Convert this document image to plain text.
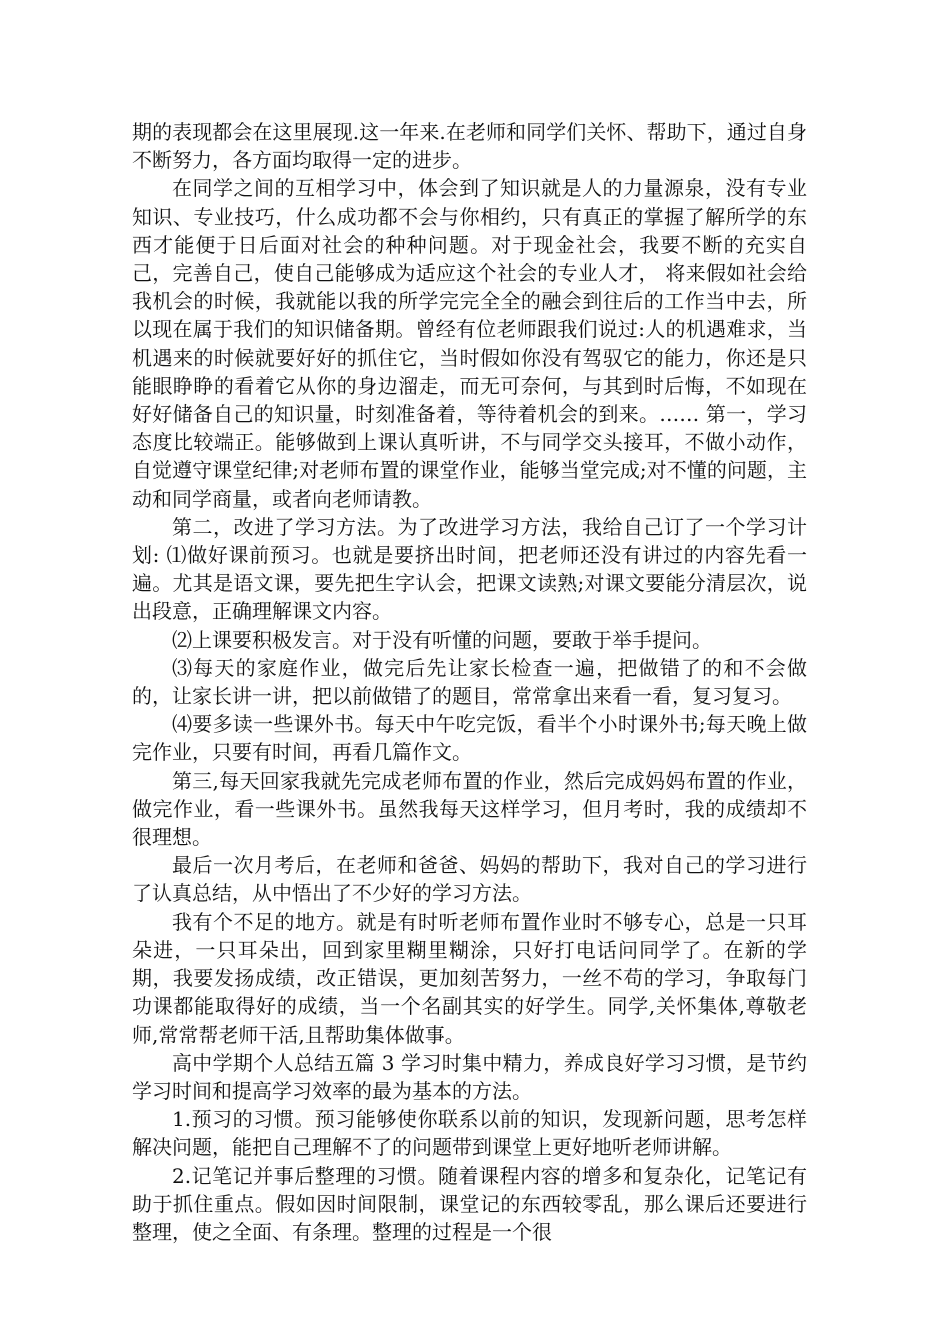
期的表现都会在这里展现.这一年来.在老师和同学们关怀、帮助下，通过自身不断努力，各方面均取得一定的进步。

在同学之间的互相学习中，体会到了知识就是人的力量源泉，没有专业知识、专业技巧，什么成功都不会与你相约，只有真正的掌握了解所学的东西才能便于日后面对社会的种种问题。对于现金社会，我要不断的充实自己，完善自己，使自己能够成为适应这个社会的专业人才， 将来假如社会给我机会的时候，我就能以我的所学完完全全的融会到往后的工作当中去，所以现在属于我们的知识储备期。曾经有位老师跟我们说过:人的机遇难求，当机遇来的时候就要好好的抓住它，当时假如你没有驾驭它的能力，你还是只能眼睁睁的看着它从你的身边溜走，而无可奈何，与其到时后悔，不如现在好好储备自己的知识量，时刻准备着，等待着机会的到来。…… 第一，学习态度比较端正。能够做到上课认真听讲，不与同学交头接耳，不做小动作，自觉遵守课堂纪律;对老师布置的课堂作业，能够当堂完成;对不懂的问题，主动和同学商量，或者向老师请教。

第二，改进了学习方法。为了改进学习方法，我给自己订了一个学习计划: ⑴做好课前预习。也就是要挤出时间，把老师还没有讲过的内容先看一遍。尤其是语文课，要先把生字认会，把课文读熟;对课文要能分清层次，说出段意，正确理解课文内容。

⑵上课要积极发言。对于没有听懂的问题，要敢于举手提问。

⑶每天的家庭作业，做完后先让家长检查一遍，把做错了的和不会做的，让家长讲一讲，把以前做错了的题目，常常拿出来看一看，复习复习。

⑷要多读一些课外书。每天中午吃完饭，看半个小时课外书;每天晚上做完作业，只要有时间，再看几篇作文。

第三,每天回家我就先完成老师布置的作业，然后完成妈妈布置的作业，做完作业，看一些课外书。虽然我每天这样学习，但月考时，我的成绩却不很理想。

最后一次月考后，在老师和爸爸、妈妈的帮助下，我对自己的学习进行了认真总结，从中悟出了不少好的学习方法。

我有个不足的地方。就是有时听老师布置作业时不够专心，总是一只耳朵进，一只耳朵出，回到家里糊里糊涂，只好打电话问同学了。在新的学期，我要发扬成绩，改正错误，更加刻苦努力，一丝不苟的学习，争取每门功课都能取得好的成绩，当一个名副其实的好学生。同学,关怀集体,尊敬老师,常常帮老师干活,且帮助集体做事。

高中学期个人总结五篇 3 学习时集中精力，养成良好学习习惯，是节约学习时间和提高学习效率的最为基本的方法。

1.预习的习惯。预习能够使你联系以前的知识，发现新问题，思考怎样解决问题，能把自己理解不了的问题带到课堂上更好地听老师讲解。

2.记笔记并事后整理的习惯。随着课程内容的增多和复杂化，记笔记有助于抓住重点。假如因时间限制，课堂记的东西较零乱，那么课后还要进行整理，使之全面、有条理。整理的过程是一个很
